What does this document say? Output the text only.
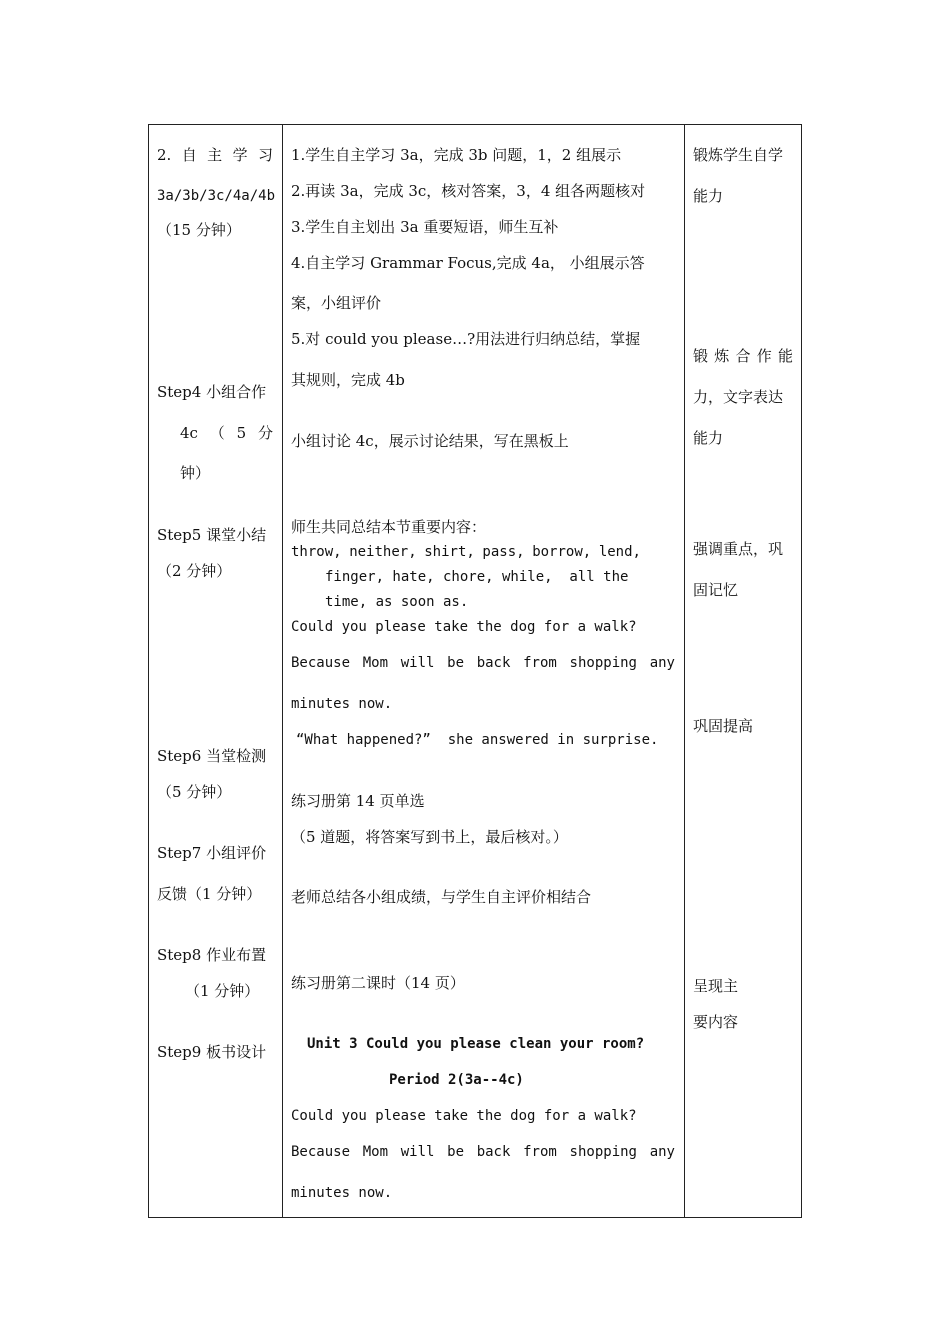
2. 自 主 学 习
3a/3b/3c/4a/4b
（15 分钟）
Step4 小组合作
4c （ 5 分
钟）
Step5 课堂小结
（2 分钟）
Step6 当堂检测
（5 分钟）
Step7 小组评价
反馈（1 分钟）
Step8 作业布置
（1 分钟）
Step9 板书设计
1.学生自主学习 3a，完成 3b 问题，1，2 组展示
2.再读 3a，完成 3c，核对答案，3，4 组各两题核对
3.学生自主划出 3a 重要短语，师生互补
4.自主学习 Grammar Focus,完成 4a， 小组展示答
案，小组评价
5.对 could you please…?用法进行归纳总结，掌握
其规则，完成 4b
小组讨论 4c，展示讨论结果，写在黑板上
师生共同总结本节重要内容：
throw, neither, shirt, pass, borrow, lend,
finger, hate, chore, while,  all the
time, as soon as.
Could you please take the dog for a walk?
Because Mom will be back from shopping any
minutes now.
“What happened?”  she answered in surprise.
练习册第 14 页单选
（5 道题，将答案写到书上，最后核对。）
老师总结各小组成绩，与学生自主评价相结合
练习册第二课时（14 页）
Unit 3 Could you please clean your room?
Period 2(3a--4c)
Could you please take the dog for a walk?
Because Mom will be back from shopping any
minutes now.
锻炼学生自学
能力
锻 炼 合 作 能
力，文字表达
能力
强调重点，巩
固记忆
巩固提高
呈现主
要内容
